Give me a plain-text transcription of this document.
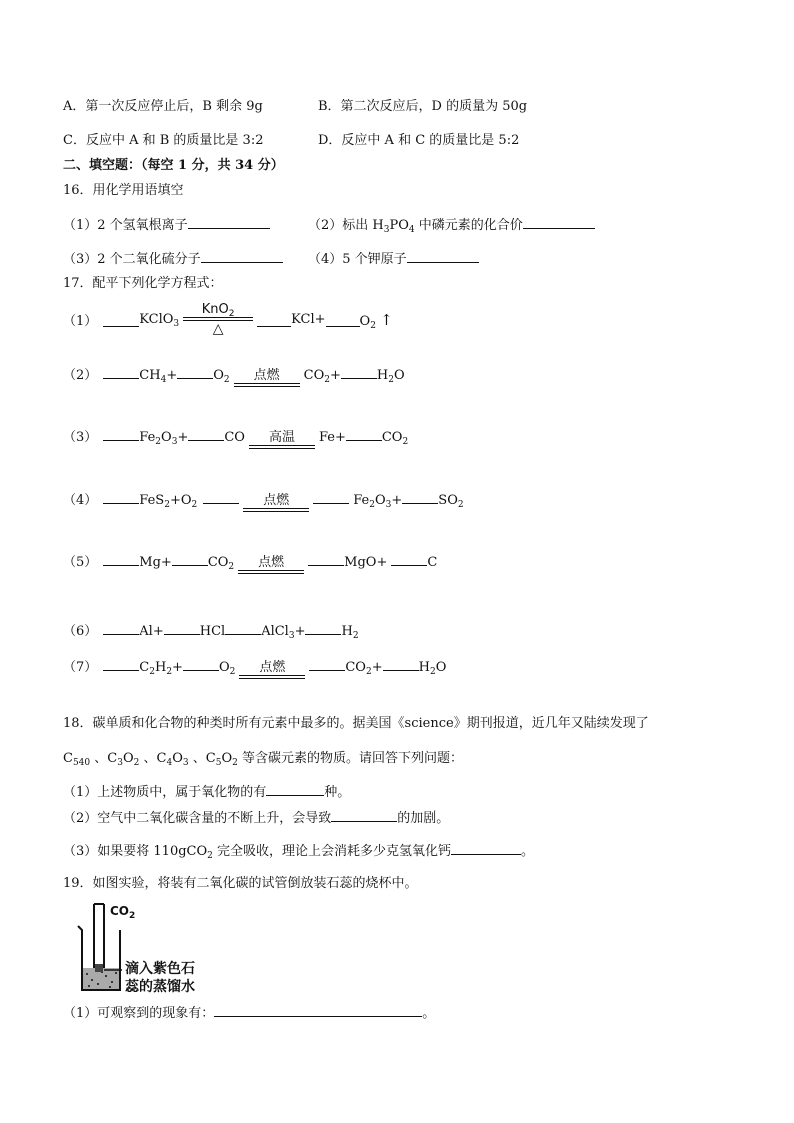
A．第一次反应停止后，B 剩余 9g	B．第二次反应后，D 的质量为 50g
C．反应中 A 和 B 的质量比是 3:2	D．反应中 A 和 C 的质量比是 5:2
二、填空题：（每空 1 分，共 34 分）
16．用化学用语填空
（1）2 个氢氧根离子	（2）标出 $H_3PO_4$ 中磷元素的化合价
（3）2 个二氧化硫分子	（4）5 个钾原子
17．配平下列化学方程式：
（1）	KClO$_3$
KnO$_2$
△
KCl+	$O_2$ ↑
（2）	$CH_4+$	$O_2$	点燃	$CO_2+$	$H_2O$
（3）	$Fe_2O_3+$	CO	高温	Fe+	$CO_2$
（4）	$FeS_2+O_2$	点燃	$Fe_2O_3+$	$SO_2$
（5）	Mg+	$CO_2$	点燃	MgO+	C
（6）	Al+	HCl	AlCl$_3$+	$H_2$
（7）	$C_2H_2+$	$O_2$	点燃	$CO_2+$	$H_2O$
18．碳单质和化合物的种类时所有元素中最多的。据美国《science》期刊报道，近几年又陆续发现了
$C_{540}$ 、$C_3O_2$ 、$C_4O_3$ 、$C_5O_2$ 等含碳元素的物质。请回答下列问题：
（1）上述物质中，属于氧化物的有	种。
（2）空气中二氧化碳含量的不断上升，会导致	的加剧。
（3）如果要将 110gCO$_2$ 完全吸收，理论上会消耗多少克氢氧化钙	。
19．如图实验，将装有二氧化碳的试管倒放装石蕊的烧杯中。
$CO_2$
滴入紫色石
蕊的蒸馏水
（1）可观察到的现象有：	。
